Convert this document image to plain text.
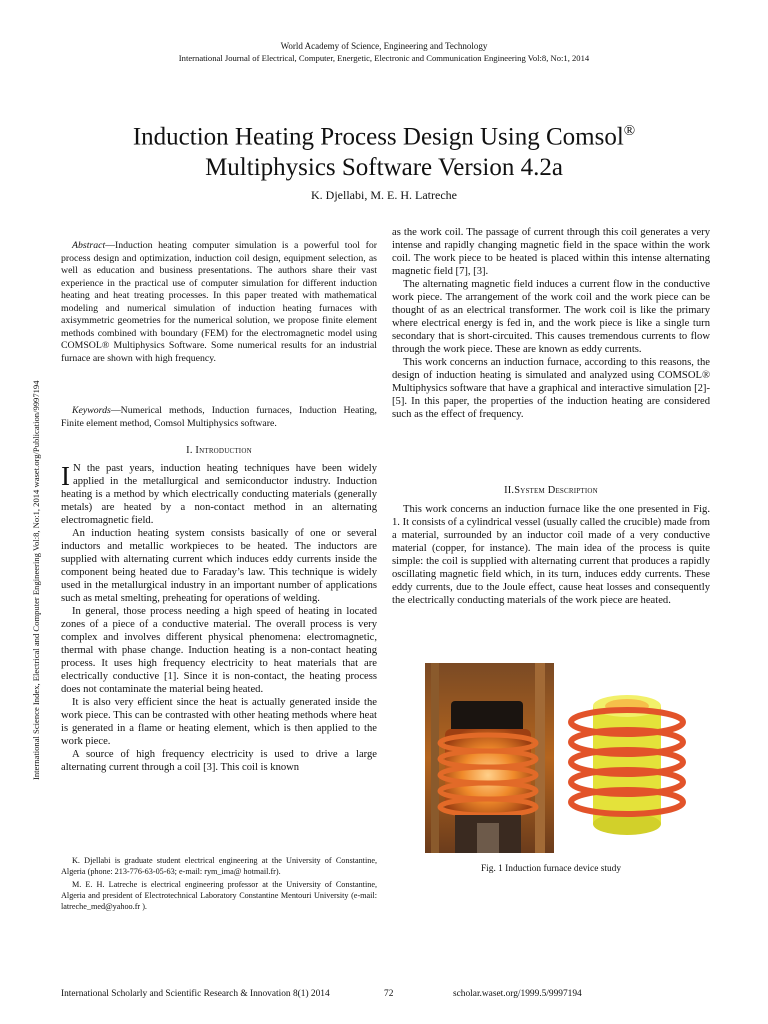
World Academy of Science, Engineering and Technology
International Journal of Electrical, Computer, Energetic, Electronic and Communication Engineering Vol:8, No:1, 2014
International Science Index, Electrical and Computer Engineering Vol:8, No:1, 2014 waset.org/Publication/9997194
Induction Heating Process Design Using Comsol®
Multiphysics Software Version 4.2a
K. Djellabi, M. E. H. Latreche

Abstract—Induction heating computer simulation is a powerful tool for process design and optimization, induction coil design, equipment selection, as well as education and business presentations. The authors share their vast experience in the practical use of computer simulation for different induction heating and heat treating processes. In this paper treated with mathematical modeling and numerical simulation of induction heating furnaces with axisymmetric geometries for the numerical solution, we propose finite element methods combined with boundary (FEM) for the electromagnetic model using COMSOL® Multiphysics Software. Some numerical results for an industrial furnace are shown with high frequency.

Keywords—Numerical methods, Induction furnaces, Induction Heating, Finite element method, Comsol Multiphysics software.

I. Introduction

I N the past years, induction heating techniques have been widely applied in the metallurgical and semiconductor industry. Induction heating is a method by which electrically conducting materials (generally metals) are heated by a non-contact method in an alternating electromagnetic field.

An induction heating system consists basically of one or several inductors and metallic workpieces to be heated. The inductors are supplied with alternating current which induces eddy currents inside the component being heated due to Faraday’s law. This technique is widely used in the metallurgical industry in an important number of applications such as metal smelting, preheating for operations of welding.

In general, those process needing a high speed of heating in located zones of a piece of a conductive material. The overall process is very complex and involves different physical phenomena: electromagnetic, thermal with phase change. Induction heating is a non-contact heating process. It uses high frequency electricity to heat materials that are electrically conductive [1]. Since it is non-contact, the heating process does not contaminate the material being heated.

It is also very efficient since the heat is actually generated inside the work piece. This can be contrasted with other heating methods where heat is generated in a flame or heating element, which is then applied to the work piece.

A source of high frequency electricity is used to drive a large alternating current through a coil [3]. This coil is known

K. Djellabi is graduate student electrical engineering at the University of Constantine, Algeria (phone: 213-776-63-05-63; e-mail: rym_ima@ hotmail.fr).

M. E. H. Latreche is electrical engineering professor at the University of Constantine, Algeria and president of Electrotechnical Laboratory Constantine Mentouri University (e-mail: latreche_med@yahoo.fr ).

as the work coil. The passage of current through this coil generates a very intense and rapidly changing magnetic field in the space within the work coil. The work piece to be heated is placed within this intense alternating magnetic field [7], [3].

The alternating magnetic field induces a current flow in the conductive work piece. The arrangement of the work coil and the work piece can be thought of as an electrical transformer. The work coil is like the primary where electrical energy is fed in, and the work piece is like a single turn secondary that is short-circuited. This causes tremendous currents to flow through the work piece. These are known as eddy currents.

This work concerns an induction furnace, according to this reasons, the design of induction heating is simulated and analyzed using COMSOL® Multiphysics software that have a graphical and interactive simulation [2]-[5]. In this paper, the properties of the induction heating are considered such as the effect of frequency.

II.System Description

This work concerns an induction furnace like the one presented in Fig. 1. It consists of a cylindrical vessel (usually called the crucible) made from a material, surrounded by an inductor coil made of a very conductive material (copper, for instance). The main idea of the process is quite simple: the coil is supplied with alternating current that produces a rapidly oscillating magnetic field which, in its turn, induces eddy currents. These eddy currents, due to the Joule effect, cause heat losses and consequently the electrically conducting materials of the work piece are heated.

Fig. 1 Induction furnace device study
International Scholarly and Scientific Research & Innovation 8(1) 2014	72	scholar.waset.org/1999.5/9997194
